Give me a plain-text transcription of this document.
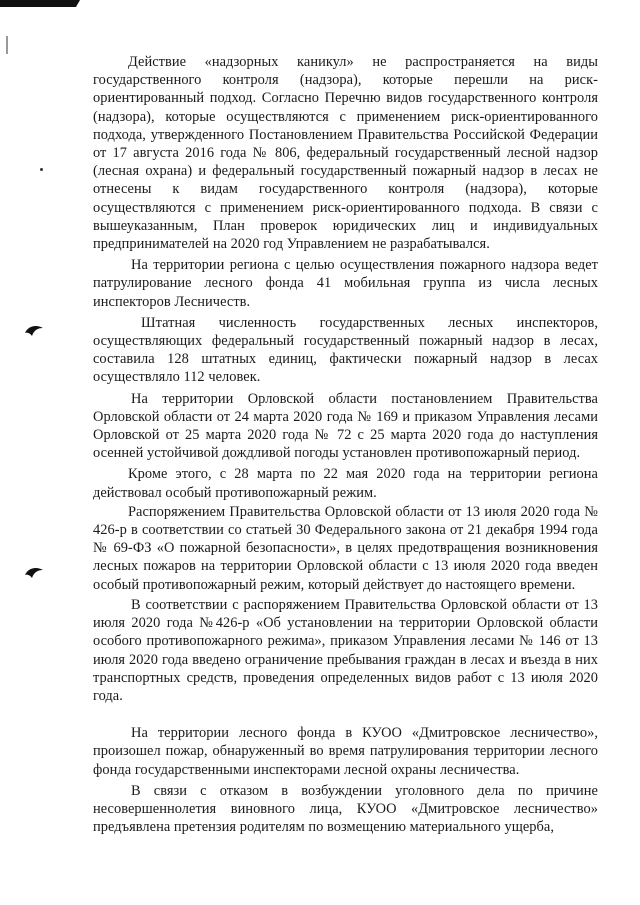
Действие «надзорных каникул» не распространяется на виды государственного контроля (надзора), которые перешли на риск-ориентированный подход. Согласно Перечню видов государственного контроля (надзора), которые осуществляются с применением риск-ориентированного подхода, утвержденного Постановлением Правительства Российской Федерации от 17 августа 2016 года № 806, федеральный государственный лесной надзор (лесная охрана) и федеральный государственный пожарный надзор в лесах не отнесены к видам государственного контроля (надзора), которые осуществляются с применением риск-ориентированного подхода. В связи с вышеуказанным, План проверок юридических лиц и индивидуальных предпринимателей на 2020 год Управлением не разрабатывался.

На территории региона с целью осуществления пожарного надзора ведет патрулирование лесного фонда 41 мобильная группа из числа лесных инспекторов Лесничеств.

Штатная численность государственных лесных инспекторов, осуществляющих федеральный государственный пожарный надзор в лесах, составила 128 штатных единиц, фактически пожарный надзор в лесах осуществляло 112 человек.

На территории Орловской области постановлением Правительства Орловской области от 24 марта 2020 года № 169 и приказом Управления лесами Орловской от 25 марта 2020 года № 72 с 25 марта 2020 года до наступления осенней устойчивой дождливой погоды установлен противопожарный период.

Кроме этого, с 28 марта по 22 мая 2020 года на территории региона действовал особый противопожарный режим.

Распоряжением Правительства Орловской области от 13 июля 2020 года № 426-р в соответствии со статьей 30 Федерального закона от 21 декабря 1994 года № 69-ФЗ «О пожарной безопасности», в целях предотвращения возникновения лесных пожаров на территории Орловской области с 13 июля 2020 года введен особый противопожарный режим, который действует до настоящего времени.

В соответствии с распоряжением Правительства Орловской области от 13 июля 2020 года №426-р «Об установлении на территории Орловской области особого противопожарного режима», приказом Управления лесами № 146 от 13 июля 2020 года введено ограничение пребывания граждан в лесах и въезда в них транспортных средств, проведения определенных видов работ с 13 июля 2020 года.

На территории лесного фонда в КУОО «Дмитровское лесничество», произошел пожар, обнаруженный во время патрулирования территории лесного фонда государственными инспекторами лесной охраны лесничества.

В связи с отказом в возбуждении уголовного дела по причине несовершеннолетия виновного лица, КУОО «Дмитровское лесничество» предъявлена претензия родителям по возмещению материального ущерба,
